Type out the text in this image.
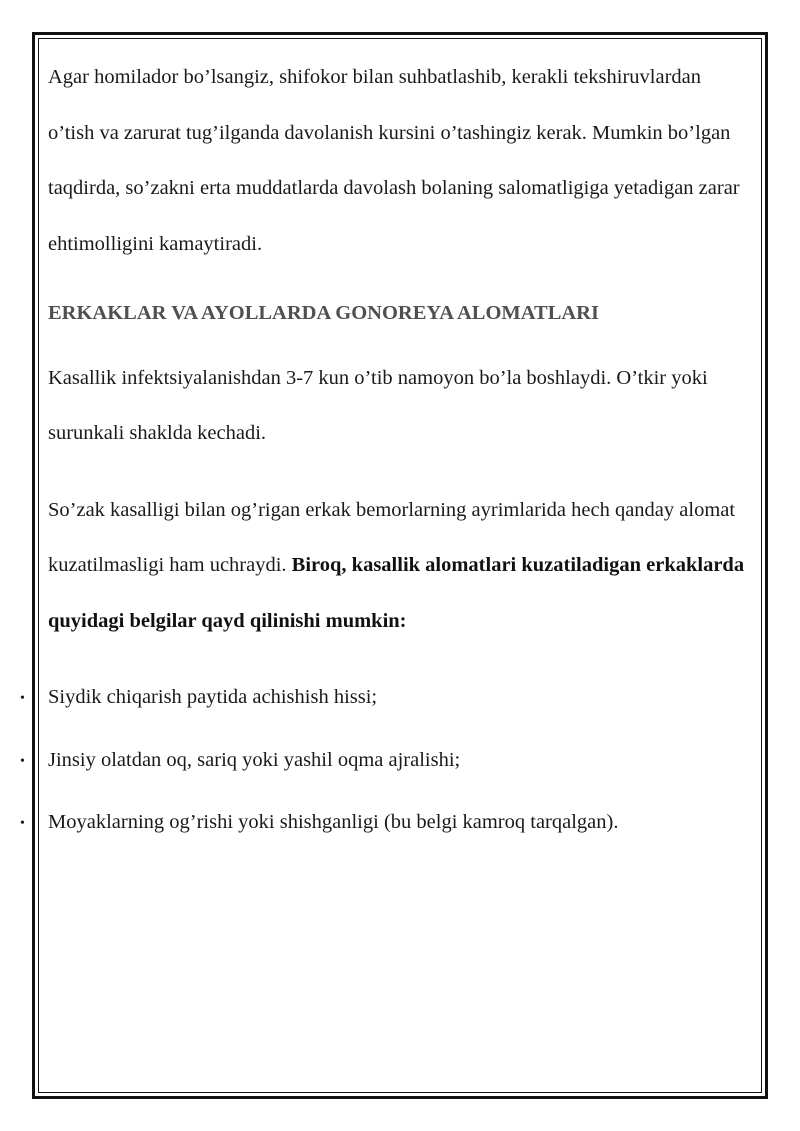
Agar homilador bo’lsangiz, shifokor bilan suhbatlashib, kerakli tekshiruvlardan o’tish va zarurat tug’ilganda davolanish kursini o’tashingiz kerak. Mumkin bo’lgan taqdirda, so’zakni erta muddatlarda davolash bolaning salomatligiga yetadigan zarar ehtimolligini kamaytiradi.

ERKAKLAR VA AYOLLARDA GONOREYA ALOMATLARI

Kasallik infektsiyalanishdan 3-7 kun o’tib namoyon bo’la boshlaydi. O’tkir yoki surunkali shaklda kechadi.

So’zak kasalligi bilan og’rigan erkak bemorlarning ayrimlarida hech qanday alomat kuzatilmasligi ham uchraydi. Biroq, kasallik alomatlari kuzatiladigan erkaklarda quyidagi belgilar qayd qilinishi mumkin:

• Siydik chiqarish paytida achishish hissi;
• Jinsiy olatdan oq, sariq yoki yashil oqma ajralishi;
• Moyaklarning og’rishi yoki shishganligi (bu belgi kamroq tarqalgan).
